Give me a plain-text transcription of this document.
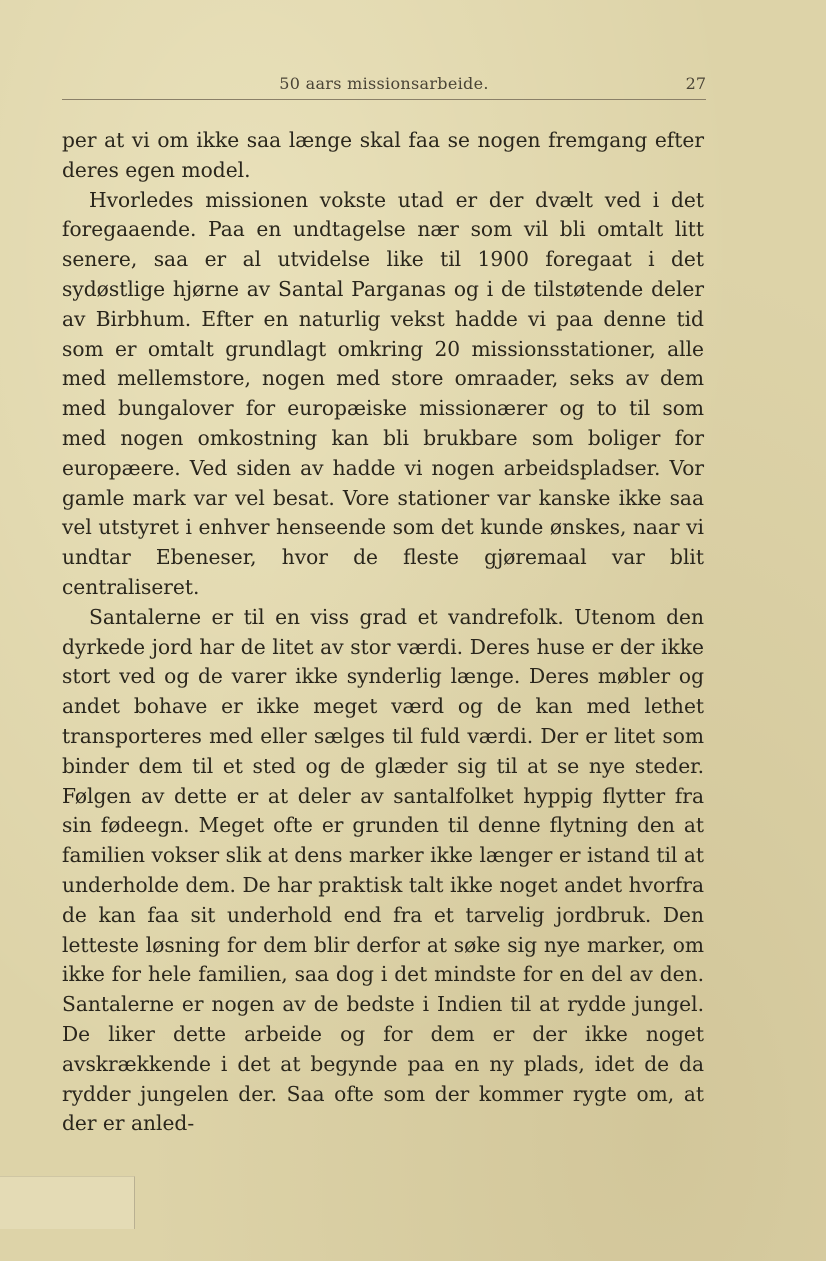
50 aars missionsarbeide.	27

per at vi om ikke saa længe skal faa se nogen fremgang efter deres egen model.

Hvorledes missionen vokste utad er der dvælt ved i det foregaaende. Paa en undtagelse nær som vil bli omtalt litt senere, saa er al utvidelse like til 1900 foregaat i det sydøstlige hjørne av Santal Parganas og i de tilstøtende deler av Birbhum. Efter en naturlig vekst hadde vi paa denne tid som er omtalt grundlagt omkring 20 missionsstationer, alle med mellemstore, nogen med store omraader, seks av dem med bungalover for europæiske missionærer og to til som med nogen omkostning kan bli brukbare som boliger for europæere. Ved siden av hadde vi nogen arbeidspladser. Vor gamle mark var vel besat. Vore stationer var kanske ikke saa vel utstyret i enhver henseende som det kunde ønskes, naar vi undtar Ebeneser, hvor de fleste gjøremaal var blit centraliseret.

Santalerne er til en viss grad et vandrefolk. Utenom den dyrkede jord har de litet av stor værdi. Deres huse er der ikke stort ved og de varer ikke synderlig længe. Deres møbler og andet bohave er ikke meget værd og de kan med lethet transporteres med eller sælges til fuld værdi. Der er litet som binder dem til et sted og de glæder sig til at se nye steder. Følgen av dette er at deler av santalfolket hyppig flytter fra sin fødeegn. Meget ofte er grunden til denne flytning den at familien vokser slik at dens marker ikke længer er istand til at underholde dem. De har praktisk talt ikke noget andet hvorfra de kan faa sit underhold end fra et tarvelig jordbruk. Den letteste løsning for dem blir derfor at søke sig nye marker, om ikke for hele familien, saa dog i det mindste for en del av den. Santalerne er nogen av de bedste i Indien til at rydde jungel. De liker dette arbeide og for dem er der ikke noget avskrækkende i det at begynde paa en ny plads, idet de da rydder jungelen der. Saa ofte som der kommer rygte om, at der er anled-
